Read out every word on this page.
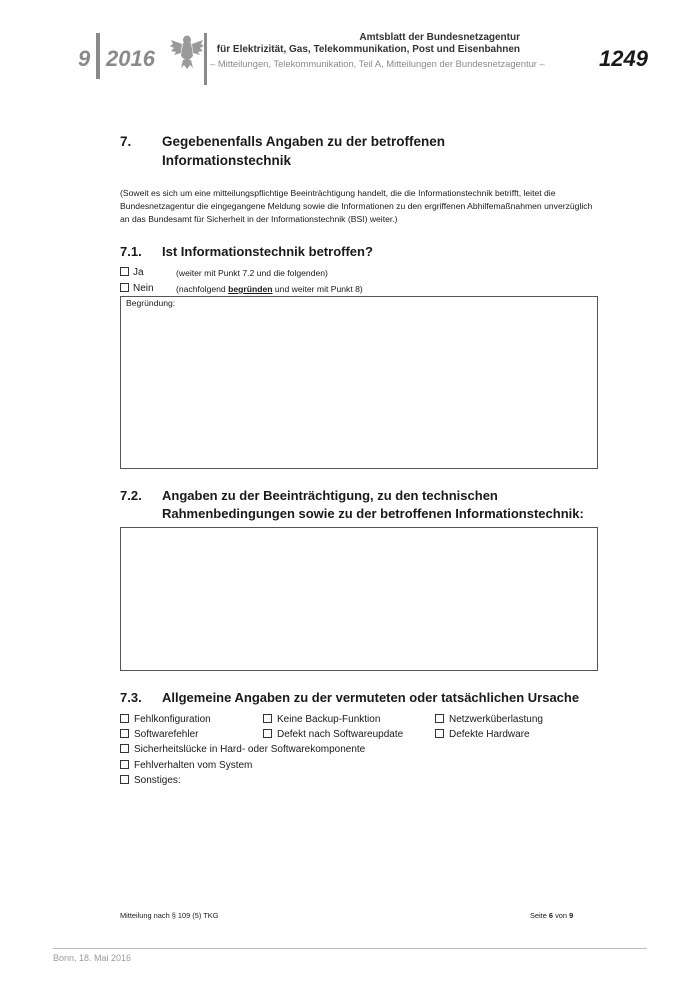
9 2016
Amtsblatt der Bundesnetzagentur
für Elektrizität, Gas, Telekommunikation, Post und Eisenbahnen
– Mitteilungen, Telekommunikation, Teil A, Mitteilungen der Bundesnetzagentur – 1249
7. Gegebenenfalls Angaben zu der betroffenen Informationstechnik
(Soweit es sich um eine mitteilungspflichtige Beeinträchtigung handelt, die die Informationstechnik betrifft, leitet die Bundesnetzagentur die eingegangene Meldung sowie die Informationen zu den ergriffenen Abhilfemaßnahmen unverzüglich an das Bundesamt für Sicherheit in der Informationstechnik (BSI) weiter.)
7.1. Ist Informationstechnik betroffen?
Ja	(weiter mit Punkt 7.2 und die folgenden)
Nein	(nachfolgend begründen und weiter mit Punkt 8)
Begründung:
7.2. Angaben zu der Beeinträchtigung, zu den technischen
Rahmenbedingungen sowie zu der betroffenen Informationstechnik:
7.3. Allgemeine Angaben zu der vermuteten oder tatsächlichen Ursache
Fehlkonfiguration	Keine Backup-Funktion	Netzwerküberlastung
Softwarefehler	Defekt nach Softwareupdate	Defekte Hardware
Sicherheitslücke in Hard- oder Softwarekomponente
Fehlverhalten vom System
Sonstiges:
Mitteilung nach § 109 (5) TKG	Seite 6 von 9
Bonn, 18. Mai 2016
